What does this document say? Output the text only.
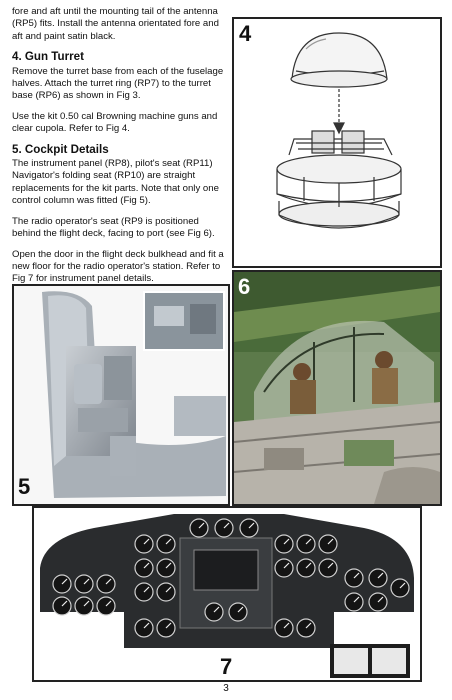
fore and aft until the mounting tail of the antenna (RP5) fits. Install the antenna orientated fore and aft and paint satin black.

4. Gun Turret

Remove the turret base from each of the fuselage halves. Attach the turret ring (RP7) to the turret base (RP6) as shown in Fig 3.

Use the kit 0.50 cal Browning machine guns and clear cupola. Refer to Fig 4.

5. Cockpit Details

The instrument panel (RP8), pilot's seat (RP11) Navigator's folding seat (RP10) are straight replacements for the kit parts. Note that only one control column was fitted (Fig 5).

The radio operator's seat (RP9 is positioned behind the flight deck, facing to port (see Fig 6).

Open the door in the flight deck bulkhead and fit a new floor for the radio operator's station. Refer to Fig 7 for instrument panel details.

4
5
6
7
3
